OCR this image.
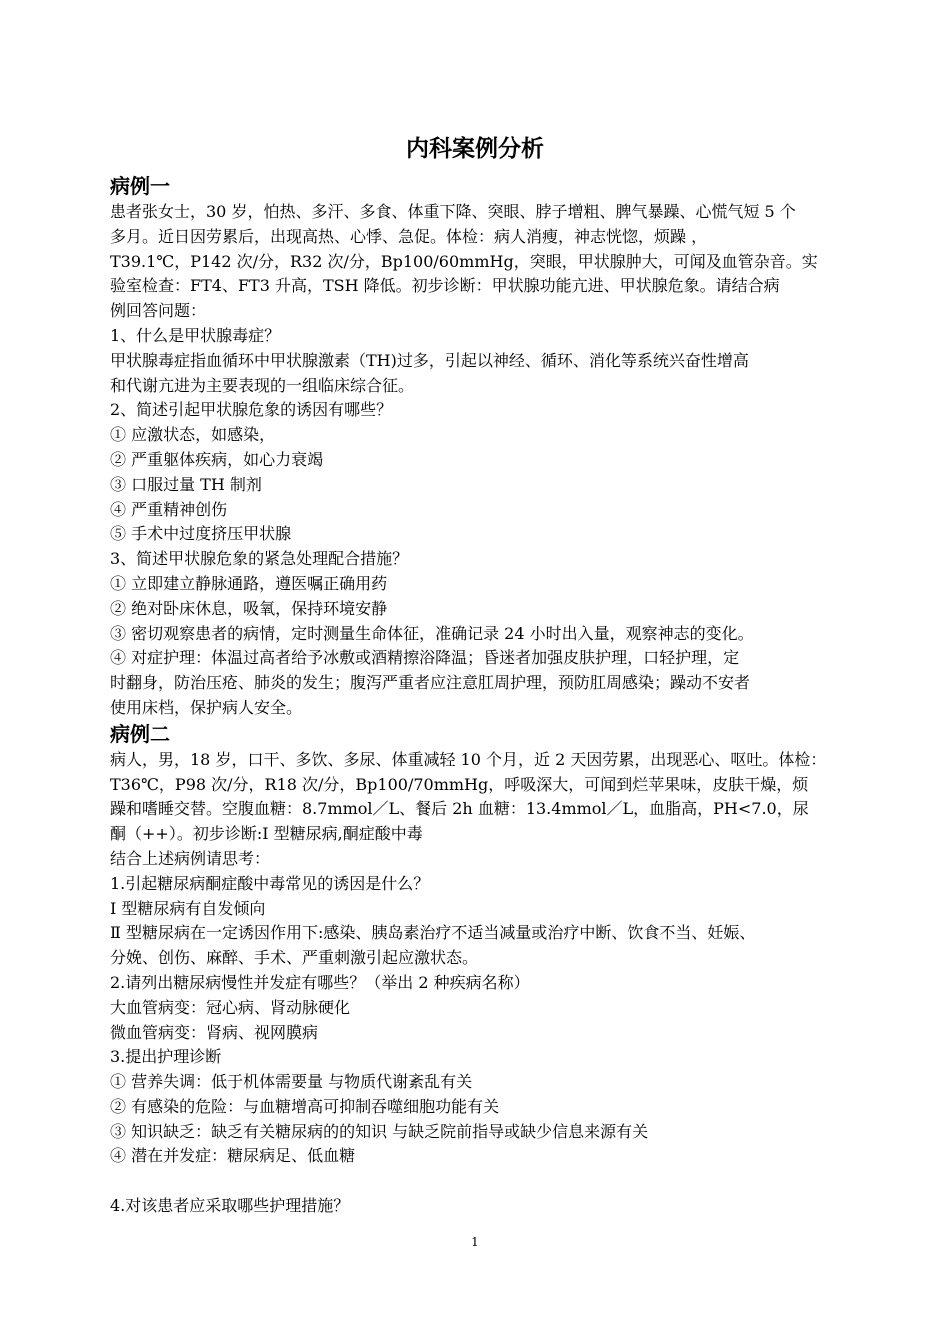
内科案例分析
病例一

患者张女士，30 岁，怕热、多汗、多食、体重下降、突眼、脖子增粗、脾气暴躁、心慌气短 5 个

多月。近日因劳累后，出现高热、心悸、急促。体检：病人消瘦，神志恍惚，烦躁 ，

T39.1℃，P142 次/分，R32 次/分，Bp100/60mmHg，突眼，甲状腺肿大，可闻及血管杂音。实

验室检查：FT4、FT3 升高，TSH 降低。初步诊断：甲状腺功能亢进、甲状腺危象。请结合病

例回答问题：

1、什么是甲状腺毒症？

甲状腺毒症指血循环中甲状腺激素（TH)过多，引起以神经、循环、消化等系统兴奋性增高

和代谢亢进为主要表现的一组临床综合征。

2、简述引起甲状腺危象的诱因有哪些？

① 应激状态，如感染，

② 严重躯体疾病，如心力衰竭

③ 口服过量 TH 制剂

④ 严重精神创伤

⑤ 手术中过度挤压甲状腺

3、简述甲状腺危象的紧急处理配合措施？

① 立即建立静脉通路，遵医嘱正确用药

② 绝对卧床休息，吸氧，保持环境安静

③ 密切观察患者的病情，定时测量生命体征，准确记录 24 小时出入量，观察神志的变化。

④ 对症护理：体温过高者给予冰敷或酒精擦浴降温；昏迷者加强皮肤护理，口轻护理，定

时翻身，防治压疮、肺炎的发生；腹泻严重者应注意肛周护理，预防肛周感染；躁动不安者

使用床档，保护病人安全。

病例二

病人，男，18 岁，口干、多饮、多尿、体重减轻 10 个月，近 2 天因劳累，出现恶心、呕吐。体检：

T36℃，P98 次/分，R18 次/分，Bp100/70mmHg，呼吸深大，可闻到烂苹果味，皮肤干燥，烦

躁和嗜睡交替。空腹血糖：8.7mmol／L、餐后 2h 血糖：13.4mmol／L，血脂高，PH<7.0，尿

酮（++）。初步诊断:Ⅰ 型糖尿病,酮症酸中毒

结合上述病例请思考：

1.引起糖尿病酮症酸中毒常见的诱因是什么？

Ⅰ 型糖尿病有自发倾向

Ⅱ 型糖尿病在一定诱因作用下:感染、胰岛素治疗不适当减量或治疗中断、饮食不当、妊娠、

分娩、创伤、麻醉、手术、严重刺激引起应激状态。

2.请列出糖尿病慢性并发症有哪些？（举出 2 种疾病名称）

大血管病变：冠心病、肾动脉硬化

微血管病变：肾病、视网膜病

3.提出护理诊断

① 营养失调：低于机体需要量 与物质代谢紊乱有关

② 有感染的危险：与血糖增高可抑制吞噬细胞功能有关

③ 知识缺乏：缺乏有关糖尿病的的知识 与缺乏院前指导或缺少信息来源有关

④ 潜在并发症：糖尿病足、低血糖

4.对该患者应采取哪些护理措施？

1
